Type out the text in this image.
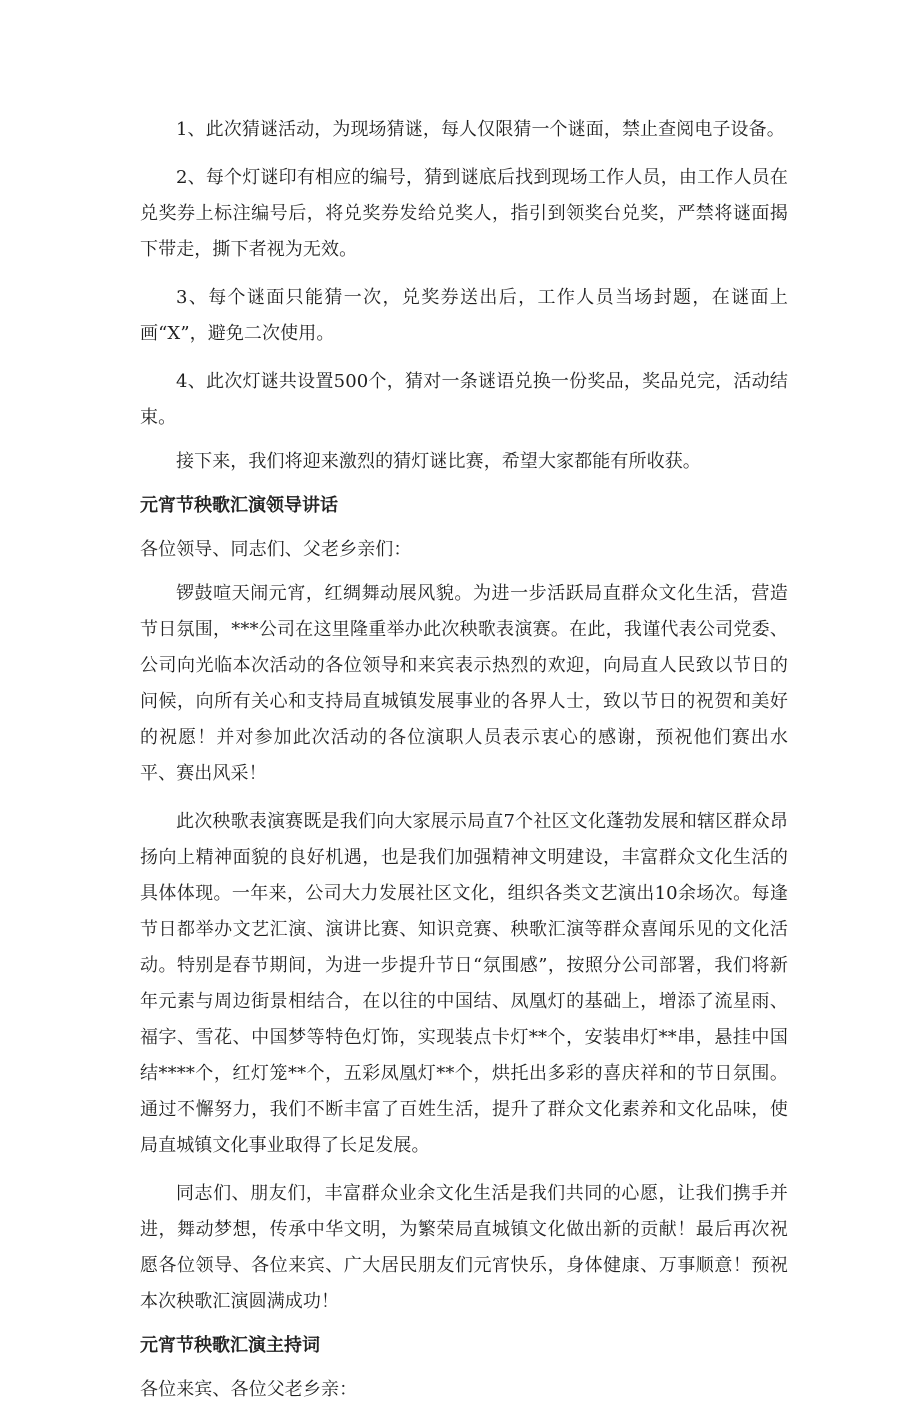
1、此次猜谜活动，为现场猜谜，每人仅限猜一个谜面，禁止查阅电子设备。

2、每个灯谜印有相应的编号，猜到谜底后找到现场工作人员，由工作人员在兑奖券上标注编号后，将兑奖券发给兑奖人，指引到领奖台兑奖，严禁将谜面揭下带走，撕下者视为无效。

3、每个谜面只能猜一次，兑奖券送出后，工作人员当场封题，在谜面上画“X”，避免二次使用。

4、此次灯谜共设置500个，猜对一条谜语兑换一份奖品，奖品兑完，活动结束。

接下来，我们将迎来激烈的猜灯谜比赛，希望大家都能有所收获。

元宵节秧歌汇演领导讲话

各位领导、同志们、父老乡亲们：

锣鼓喧天闹元宵，红绸舞动展风貌。为进一步活跃局直群众文化生活，营造节日氛围，***公司在这里隆重举办此次秧歌表演赛。在此，我谨代表公司党委、公司向光临本次活动的各位领导和来宾表示热烈的欢迎，向局直人民致以节日的问候，向所有关心和支持局直城镇发展事业的各界人士，致以节日的祝贺和美好的祝愿！并对参加此次活动的各位演职人员表示衷心的感谢，预祝他们赛出水平、赛出风采！

此次秧歌表演赛既是我们向大家展示局直7个社区文化蓬勃发展和辖区群众昂扬向上精神面貌的良好机遇，也是我们加强精神文明建设，丰富群众文化生活的具体体现。一年来，公司大力发展社区文化，组织各类文艺演出10余场次。每逢节日都举办文艺汇演、演讲比赛、知识竞赛、秧歌汇演等群众喜闻乐见的文化活动。特别是春节期间，为进一步提升节日“氛围感”，按照分公司部署，我们将新年元素与周边街景相结合，在以往的中国结、凤凰灯的基础上，增添了流星雨、福字、雪花、中国梦等特色灯饰，实现装点卡灯**个，安装串灯**串，悬挂中国结****个，红灯笼**个，五彩凤凰灯**个，烘托出多彩的喜庆祥和的节日氛围。通过不懈努力，我们不断丰富了百姓生活，提升了群众文化素养和文化品味，使局直城镇文化事业取得了长足发展。

同志们、朋友们，丰富群众业余文化生活是我们共同的心愿，让我们携手并进，舞动梦想，传承中华文明，为繁荣局直城镇文化做出新的贡献！最后再次祝愿各位领导、各位来宾、广大居民朋友们元宵快乐，身体健康、万事顺意！预祝本次秧歌汇演圆满成功！

元宵节秧歌汇演主持词

各位来宾、各位父老乡亲：
